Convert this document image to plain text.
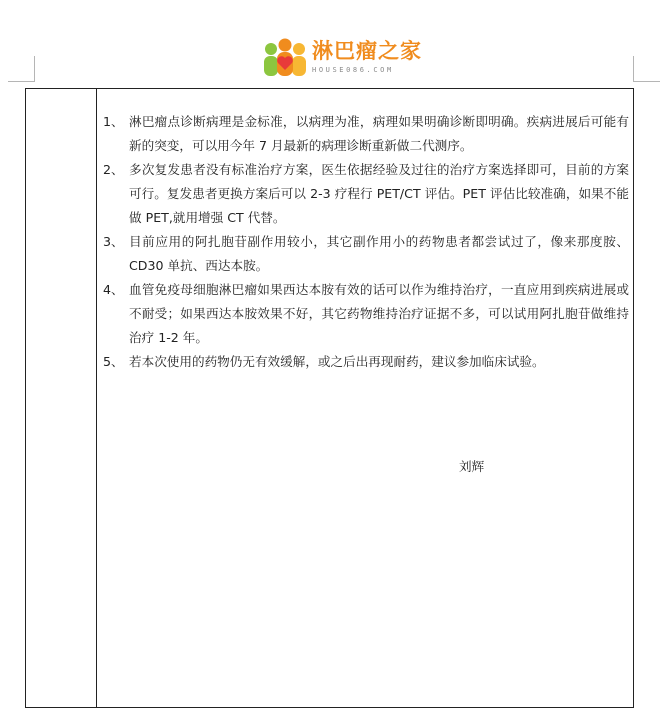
淋巴瘤之家
HOUSE086.COM
1、 淋巴瘤点诊断病理是金标准，以病理为准，病理如果明确诊断即明确。疾病进展后可能有新的突变，可以用今年 7 月最新的病理诊断重新做二代测序。
2、 多次复发患者没有标准治疗方案，医生依据经验及过往的治疗方案选择即可，目前的方案可行。复发患者更换方案后可以 2-3 疗程行 PET/CT 评估。PET 评估比较准确，如果不能做 PET,就用增强 CT 代替。
3、 目前应用的阿扎胞苷副作用较小，其它副作用小的药物患者都尝试过了，像来那度胺、CD30 单抗、西达本胺。
4、 血管免疫母细胞淋巴瘤如果西达本胺有效的话可以作为维持治疗，一直应用到疾病进展或不耐受；如果西达本胺效果不好，其它药物维持治疗证据不多，可以试用阿扎胞苷做维持治疗 1-2 年。
5、 若本次使用的药物仍无有效缓解，或之后出再现耐药，建议参加临床试验。
刘辉
